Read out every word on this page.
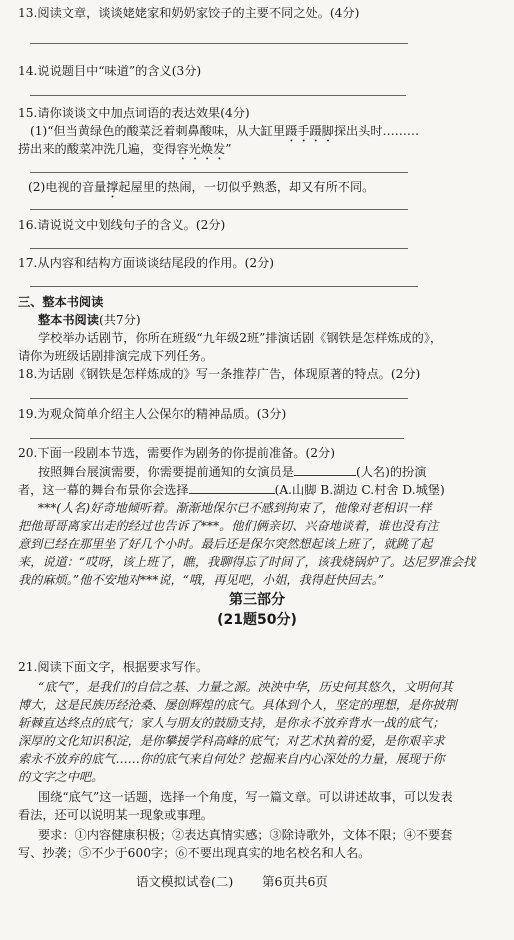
13.阅读文章，谈谈姥姥家和奶奶家饺子的主要不同之处。(4分)
14.说说题目中“味道”的含义(3分)
15.请你谈谈文中加点词语的表达效果(4分)
(1)“但当黄绿色的酸菜泛着刺鼻酸味，从大缸里蹑手蹑脚探出头时………
捞出来的酸菜冲洗几遍，变得容光焕发”
(2)电视的音量撑起屋里的热闹，一切似乎熟悉，却又有所不同。
16.请说说文中划线句子的含义。(2分)
17.从内容和结构方面谈谈结尾段的作用。(2分)
三、整本书阅读
整本书阅读(共7分)
学校举办话剧节，你所在班级“九年级2班”排演话剧《钢铁是怎样炼成的》，
请你为班级话剧排演完成下列任务。
18.为话剧《钢铁是怎样炼成的》写一条推荐广告，体现原著的特点。(2分)
19.为观众简单介绍主人公保尔的精神品质。(3分)
20.下面一段剧本节选，需要作为剧务的你提前准备。(2分)
按照舞台展演需要，你需要提前通知的女演员是	(人名)的扮演
者，这一幕的舞台布景你会选择	(A.山脚 B.湖边 C.村舍 D.城堡)
***(人名)好奇地倾听着。渐渐地保尔已不感到拘束了，他像对老相识一样
把他哥哥离家出走的经过也告诉了***。他们俩亲切、兴奋地谈着，谁也没有注
意到已经在那里坐了好几个小时。最后还是保尔突然想起该上班了，就跳了起
来，说道：“哎呀，该上班了，瞧，我聊得忘了时间了，该我烧锅炉了。达尼罗准会找
我的麻烦。”他不安地对***说，“哦，再见吧，小姐，我得赶快回去。”
第三部分
(21题50分)
21.阅读下面文字，根据要求写作。
“底气”，是我们的自信之基、力量之源。泱泱中华，历史何其悠久，文明何其
博大，这是民族历经沧桑、屡创辉煌的底气。具体到个人，坚定的理想，是你披荆
斩棘直达终点的底气；家人与朋友的鼓励支持，是你永不放弃背水一战的底气；
深厚的文化知识积淀，是你攀援学科高峰的底气；对艺术执着的爱，是你艰辛求
索永不放弃的底气……你的底气来自何处？挖掘来自内心深处的力量，展现于你
的文字之中吧。
围绕“底气”这一话题，选择一个角度，写一篇文章。可以讲述故事，可以发表
看法，还可以说明某一现象或事理。
要求：①内容健康积极；②表达真情实感；③除诗歌外，文体不限；④不要套
写、抄袭；⑤不少于600字；⑥不要出现真实的地名校名和人名。
语文模拟试卷(二) 第6页共6页
